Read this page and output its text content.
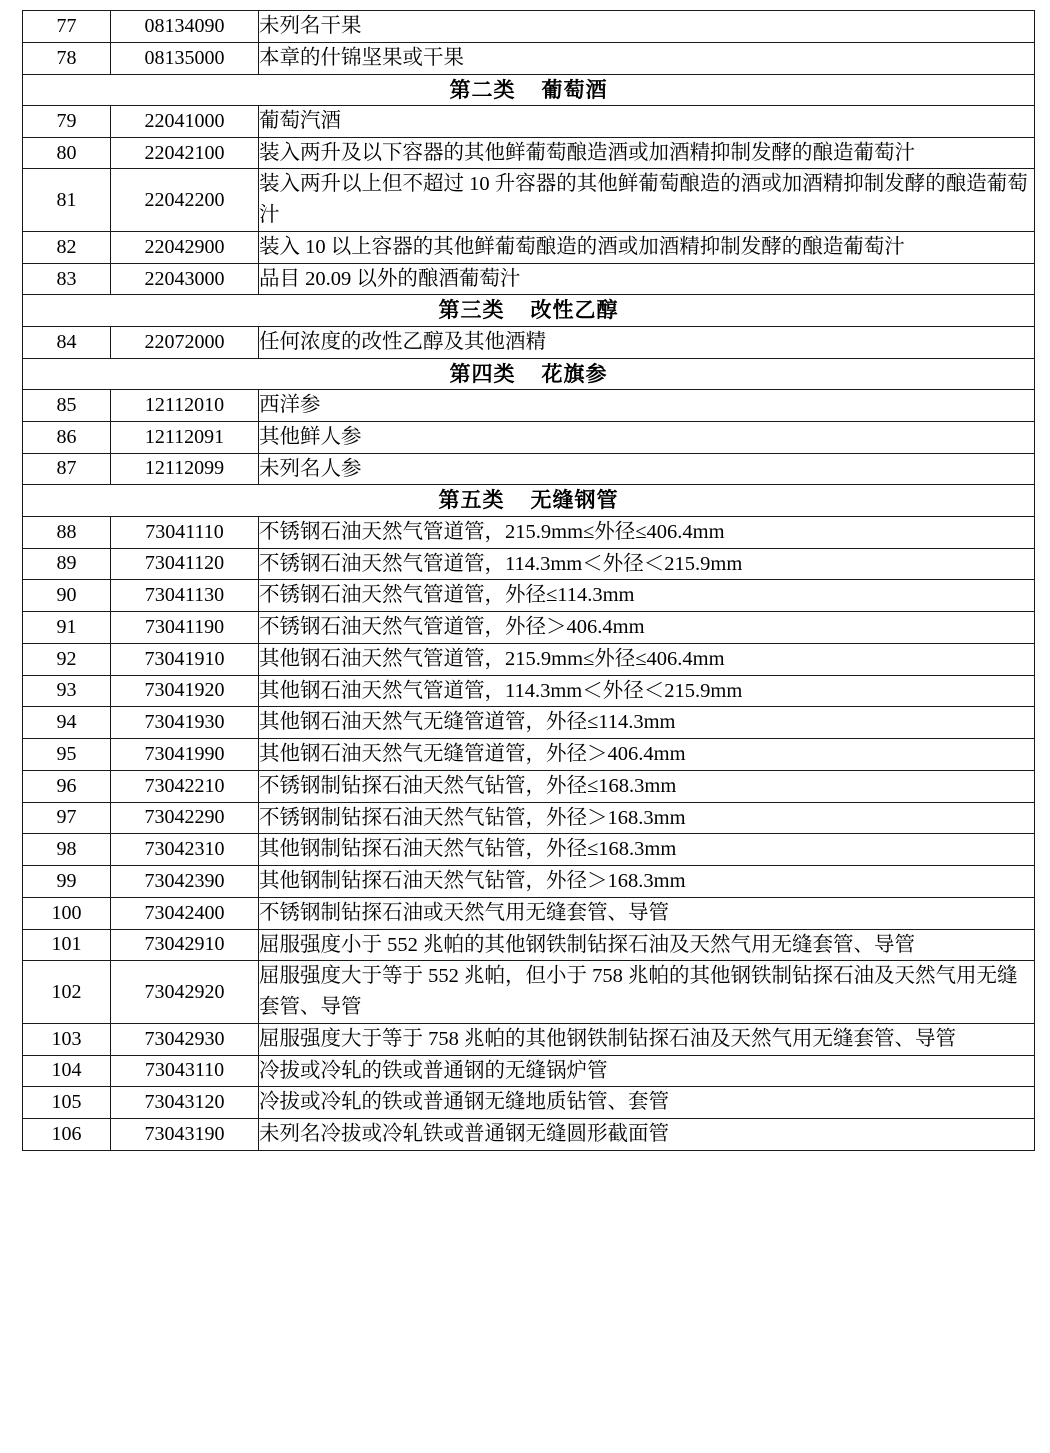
77	08134090	未列名干果
78	08135000	本章的什锦坚果或干果
第二类 葡萄酒		
79	22041000	葡萄汽酒
80	22042100	装入两升及以下容器的其他鲜葡萄酿造酒或加酒精抑制发酵的酿造葡萄汁
81	22042200	装入两升以上但不超过 10 升容器的其他鲜葡萄酿造的酒或加酒精抑制发酵的酿造葡萄汁
82	22042900	装入 10 以上容器的其他鲜葡萄酿造的酒或加酒精抑制发酵的酿造葡萄汁
83	22043000	品目 20.09 以外的酿酒葡萄汁
第三类 改性乙醇		
84	22072000	任何浓度的改性乙醇及其他酒精
第四类 花旗参		
85	12112010	西洋参
86	12112091	其他鲜人参
87	12112099	未列名人参
第五类 无缝钢管		
88	73041110	不锈钢石油天然气管道管，215.9mm≤外径≤406.4mm
89	73041120	不锈钢石油天然气管道管，114.3mm＜外径＜215.9mm
90	73041130	不锈钢石油天然气管道管，外径≤114.3mm
91	73041190	不锈钢石油天然气管道管，外径＞406.4mm
92	73041910	其他钢石油天然气管道管，215.9mm≤外径≤406.4mm
93	73041920	其他钢石油天然气管道管，114.3mm＜外径＜215.9mm
94	73041930	其他钢石油天然气无缝管道管，外径≤114.3mm
95	73041990	其他钢石油天然气无缝管道管，外径＞406.4mm
96	73042210	不锈钢制钻探石油天然气钻管，外径≤168.3mm
97	73042290	不锈钢制钻探石油天然气钻管，外径＞168.3mm
98	73042310	其他钢制钻探石油天然气钻管，外径≤168.3mm
99	73042390	其他钢制钻探石油天然气钻管，外径＞168.3mm
100	73042400	不锈钢制钻探石油或天然气用无缝套管、导管
101	73042910	屈服强度小于 552 兆帕的其他钢铁制钻探石油及天然气用无缝套管、导管
102	73042920	屈服强度大于等于 552 兆帕，但小于 758 兆帕的其他钢铁制钻探石油及天然气用无缝套管、导管
103	73042930	屈服强度大于等于 758 兆帕的其他钢铁制钻探石油及天然气用无缝套管、导管
104	73043110	冷拔或冷轧的铁或普通钢的无缝锅炉管
105	73043120	冷拔或冷轧的铁或普通钢无缝地质钻管、套管
106	73043190	未列名冷拔或冷轧铁或普通钢无缝圆形截面管
